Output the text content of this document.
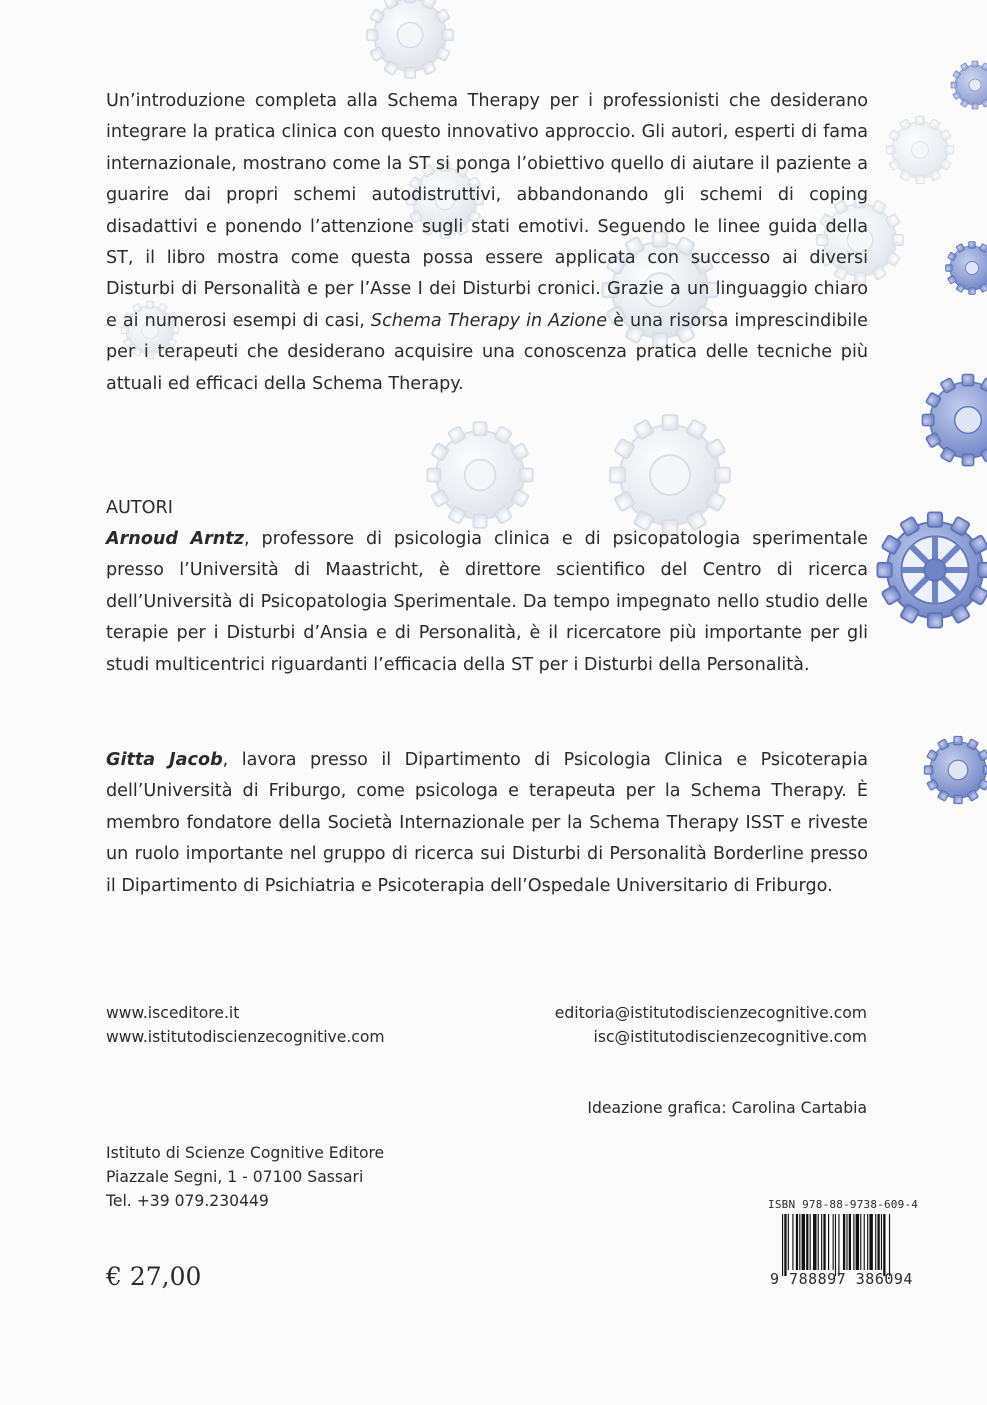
Un’introduzione completa alla Schema Therapy per i professionisti che desiderano integrare la pratica clinica con questo innovativo approccio. Gli autori, esperti di fama internazionale, mostrano come la ST si ponga l’obiettivo quello di aiutare il paziente a guarire dai propri schemi autodistruttivi, abbandonando gli schemi di coping disadattivi e ponendo l’attenzione sugli stati emotivi. Seguendo le linee guida della ST, il libro mostra come questa possa essere applicata con successo ai diversi Disturbi di Personalità e per l’Asse I dei Disturbi cronici. Grazie a un linguaggio chiaro e ai numerosi esempi di casi, Schema Therapy in Azione è una risorsa imprescindibile per i terapeuti che desiderano acquisire una conoscenza pratica delle tecniche più attuali ed efficaci della Schema Therapy.

AUTORI

Arnoud Arntz, professore di psicologia clinica e di psicopatologia sperimentale presso l’Università di Maastricht, è direttore scientifico del Centro di ricerca dell’Università di Psicopatologia Sperimentale. Da tempo impegnato nello studio delle terapie per i Disturbi d’Ansia e di Personalità, è il ricercatore più importante per gli studi multicentrici riguardanti l’efficacia della ST per i Disturbi della Personalità.

Gitta Jacob, lavora presso il Dipartimento di Psicologia Clinica e Psicoterapia dell’Università di Friburgo, come psicologa e terapeuta per la Schema Therapy. È membro fondatore della Società Internazionale per la Schema Therapy ISST e riveste un ruolo importante nel gruppo di ricerca sui Disturbi di Personalità Borderline presso il Dipartimento di Psichiatria e Psicoterapia dell’Ospedale Universitario di Friburgo.

www.isceditore.it

www.istitutodiscienzecognitive.com

editoria@istitutodiscienzecognitive.com

isc@istitutodiscienzecognitive.com

Ideazione grafica: Carolina Cartabia

Istituto di Scienze Cognitive Editore

Piazzale Segni, 1 - 07100 Sassari

Tel. +39 079.230449

€ 27,00

ISBN 978-88-9738-609-4
9 788897 386094
